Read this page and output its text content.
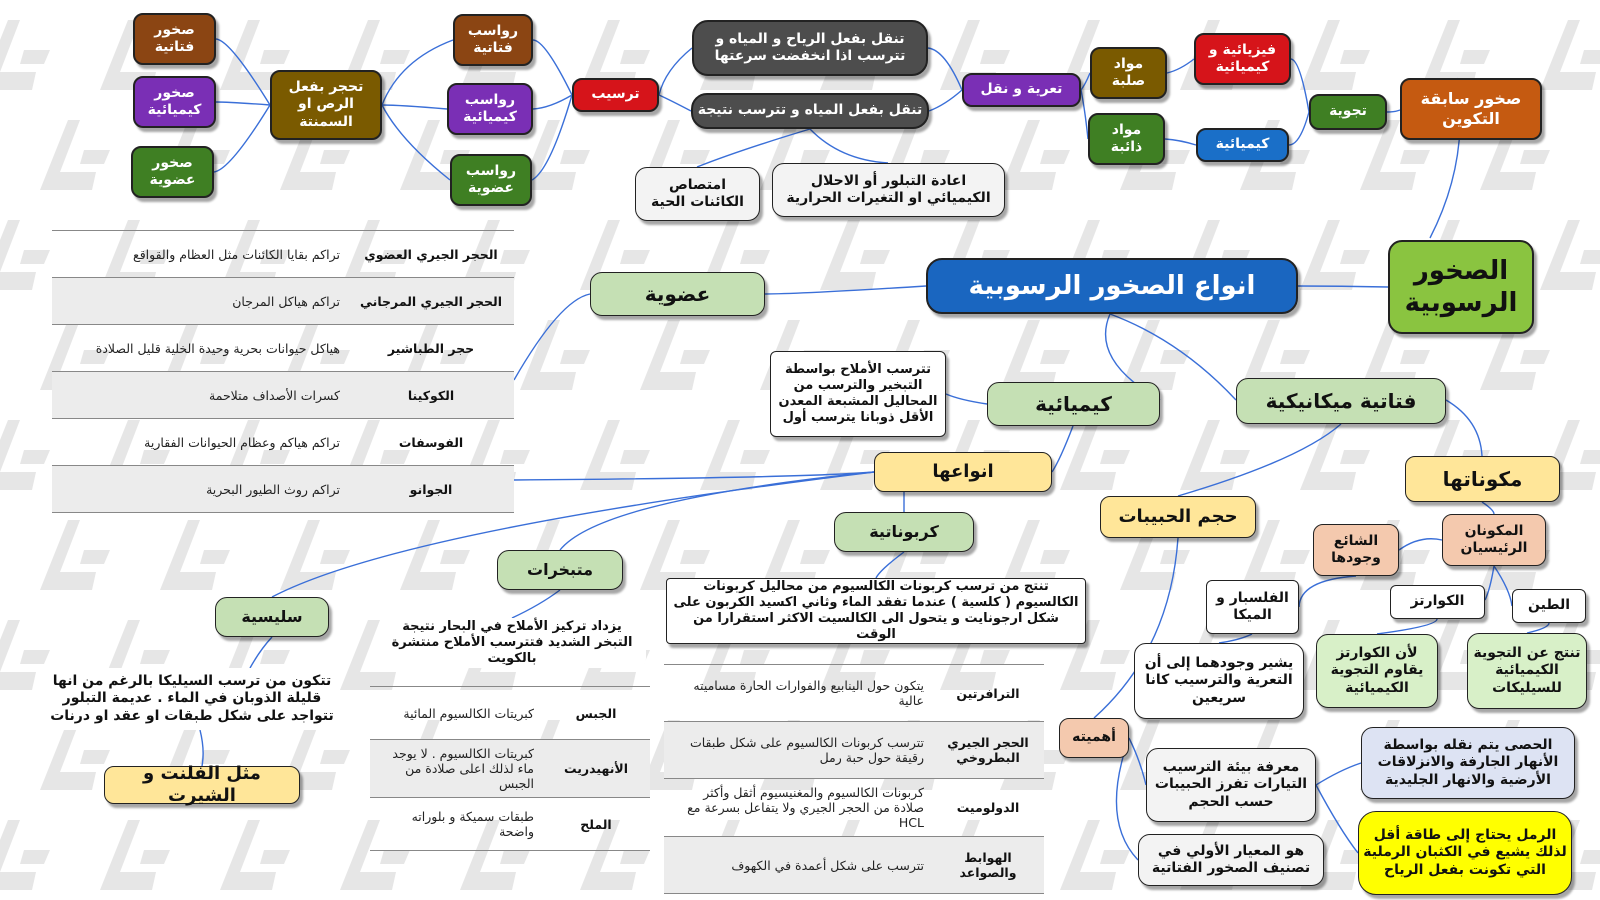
صخور سابقة التكوين
تجوية
فيزيائية و كيميائية
كيميائية
مواد صلبة
مواد ذائبة
تعرية و نقل
تنقل بفعل الرياح و المياه و تترسب اذا انخفضت سرعتها
تنقل بفعل المياه و تترسب نتيجة
اعادة التبلور أو الاحلال الكيميائي او التغيرات الحرارية
امتصاص الكائنات الحية
ترسيب
رواسب فتاتية
رواسب كيميائية
رواسب عضوية
تحجر بفعل الرص او السمنتة
صخور فتاتية
صخور كيميائية
صخور عضوية
الصخور الرسوبية
انواع الصخور الرسوبية
عضوية
الحجر الجيري العضوي	تراكم بقايا الكائنات مثل العظام والقواقع
الحجر الجيري المرجاني	تراكم هياكل المرجان
حجر الطباشير	هياكل حيوانات بحرية وحيدة الخلية قليل الصلادة
الكوكينا	كسرات الأصداف متلاحمة
الفوسفات	تراكم هياكم وعظام الحيوانات الفقارية
الجوانو	تراكم روث الطيور البحرية
كيميائية
تترسب الأملاح بواسطة التبخير والترسب من المحاليل المشبعة المعدن الأقل ذوبانا يترسب أول
فتاتية ميكانيكية
انواعها	مكوناتها
حجم الحبيبات
المكونان الرئيسيان
الشائع وجودها
الكوارتز	الطين
الفلسبار و الميكا
لأن الكوارتز يقاوم التجوية الكيميائية
تنتج عن التجوية الكيميائية للسيليكات
يشير وجودهما إلى أن التعرية والترسيب كانا سريعين
أهميته
معرفة بيئة الترسيب التيارات تفرز الحبيبات حسب الحجم
هو المعيار الأولي في تصنيف الصخور الفتاتية
الحصى يتم نقله بواسطة الأنهار الجارفة والانزلاقات الأرضية والانهار الجليدية
الرمل يحتاج إلى طاقة أقل لذلك يشيع في الكثبان الرملية التي تكونت بفعل الرياح
كربوناتية
تنتج من ترسب كربونات الكالسيوم من محاليل كربونات الكالسيوم ( كلسية ) عندما تفقد الماء وثاني اكسيد الكربون على شكل ارجونايت و يتحول الى الكالسيت الاكثر استقرارا من الوقت
الترافرتين	يتكون حول الينابيع والفوارات الحارة مساميته عالية
الحجر الجيري البطروخي	تترسب كربونات الكالسيوم على شكل طبقات رقيقة حول حبة رمل
الدولوميت	كربونات الكالسيوم والمغنيسيوم أثقل وأكثر صلادة من الحجر الجيري ولا يتفاعل بسرعة مع HCL
الهوابط والصواعد	تترسب على شكل أعمدة في الكهوف
متبخرات
يزداد تركيز الأملاح في البحار نتيجة التبخر الشديد فتترسب الأملاح منتشرة بالكويت
الجبس	كبريتات الكالسيوم المائية
الأنهيدريت	كبريتات الكالسيوم . لا يوجد ماء لذلك اعلى صلادة من الجبس
الملح	طبقات سميكة و بلوراته واضحة
سليسية
تتكون من ترسب السيليكا بالرغم من انها قليلة الذوبان في الماء . عديمة التبلور تتواجد على شكل طبقات او عقد او درنات
مثل الفلنت و الشيرت
